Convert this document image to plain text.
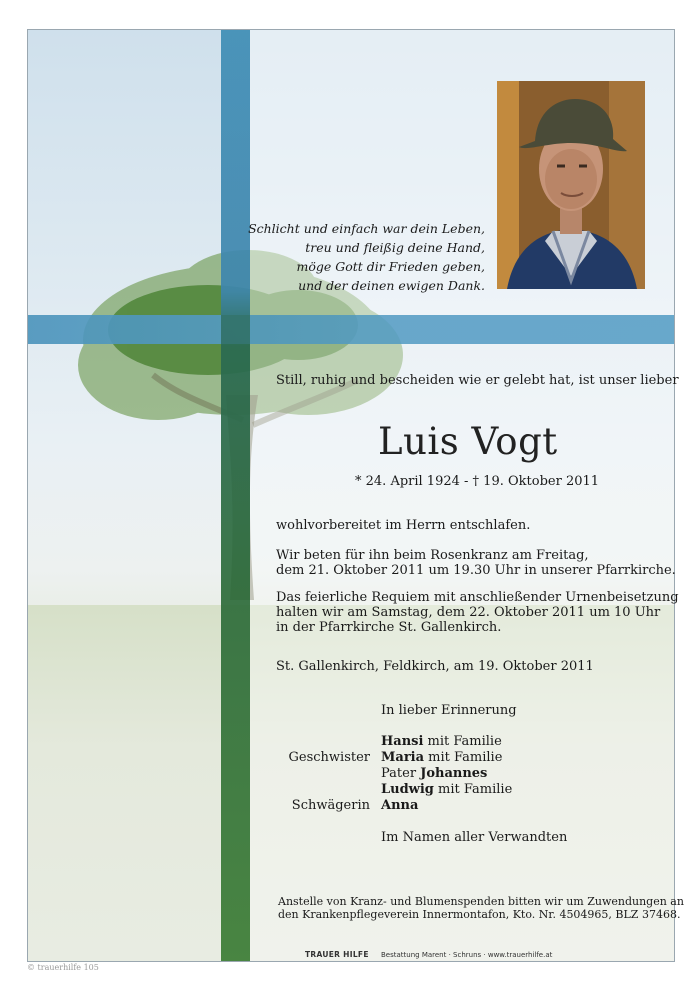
Schlicht und einfach war dein Leben,
treu und fleißig deine Hand,
möge Gott dir Frieden geben,
und der deinen ewigen Dank.
Still, ruhig und bescheiden wie er gelebt hat, ist unser lieber
Luis Vogt
* 24. April 1924 - † 19. Oktober 2011
wohlvorbereitet im Herrn entschlafen.
Wir beten für ihn beim Rosenkranz am Freitag,
dem 21. Oktober 2011 um 19.30 Uhr in unserer Pfarrkirche.
Das feierliche Requiem mit anschließender Urnenbeisetzung
halten wir am Samstag, dem 22. Oktober 2011 um 10 Uhr
in der Pfarrkirche St. Gallenkirch.
St. Gallenkirch, Feldkirch, am 19. Oktober 2011
In lieber Erinnerung
Geschwister
Schwägerin
Hansi mit Familie
Maria mit Familie
Pater Johannes
Ludwig mit Familie
Anna
Im Namen aller Verwandten
Anstelle von Kranz- und Blumenspenden bitten wir um Zuwendungen an
den Krankenpflegeverein Innermontafon, Kto. Nr. 4504965, BLZ 37468.
TRAUER HILFE Bestattung Marent · Schruns · www.trauerhilfe.at
© trauerhilfe 105
